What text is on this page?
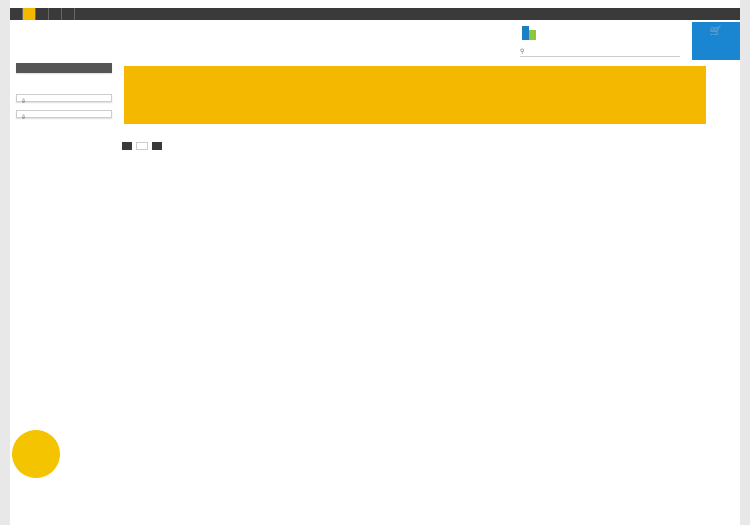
⚲
🛒
⇩
⇩
